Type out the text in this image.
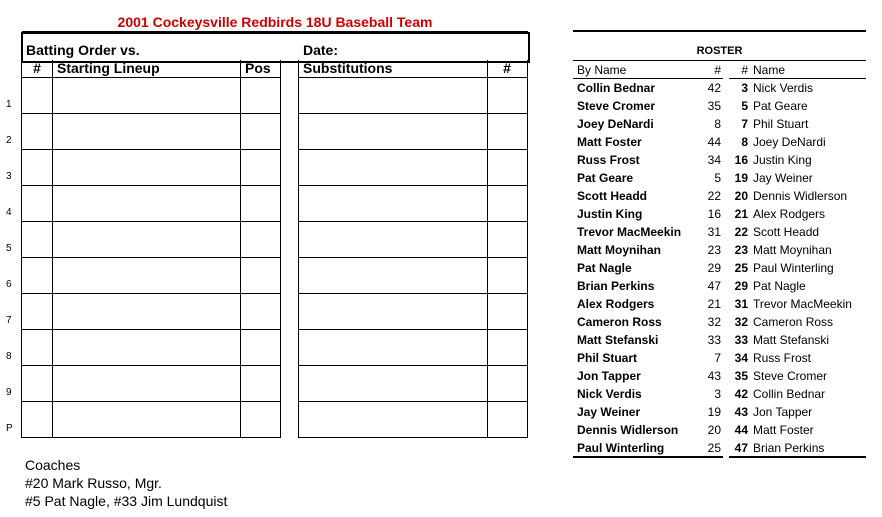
2001 Cockeysville Redbirds 18U Baseball Team
Batting Order vs.	Date:
#	Starting Lineup	Pos Substitutions	#
1
2
3
4
5
6
7
8
9
P
ROSTER
By Name	#	# Name
Collin Bednar	42
Steve Cromer	35
Joey DeNardi	8
Matt Foster	44
Russ Frost	34
Pat Geare	5
Scott Headd	22
Justin King	16
Trevor MacMeekin	31
Matt Moynihan	23
Pat Nagle	29
Brian Perkins	47
Alex Rodgers	21
Cameron Ross	32
Matt Stefanski	33
Phil Stuart	7
Jon Tapper	43
Nick Verdis	3
Jay Weiner	19
Dennis Widlerson	20
Paul Winterling	25
3 Nick Verdis
5 Pat Geare
7 Phil Stuart
8 Joey DeNardi
16 Justin King
19 Jay Weiner
20 Dennis Widlerson
21 Alex Rodgers
22 Scott Headd
23 Matt Moynihan
25 Paul Winterling
29 Pat Nagle
31 Trevor MacMeekin
32 Cameron Ross
33 Matt Stefanski
34 Russ Frost
35 Steve Cromer
42 Collin Bednar
43 Jon Tapper
44 Matt Foster
47 Brian Perkins
Coaches
#20 Mark Russo, Mgr.
#5 Pat Nagle, #33 Jim Lundquist
